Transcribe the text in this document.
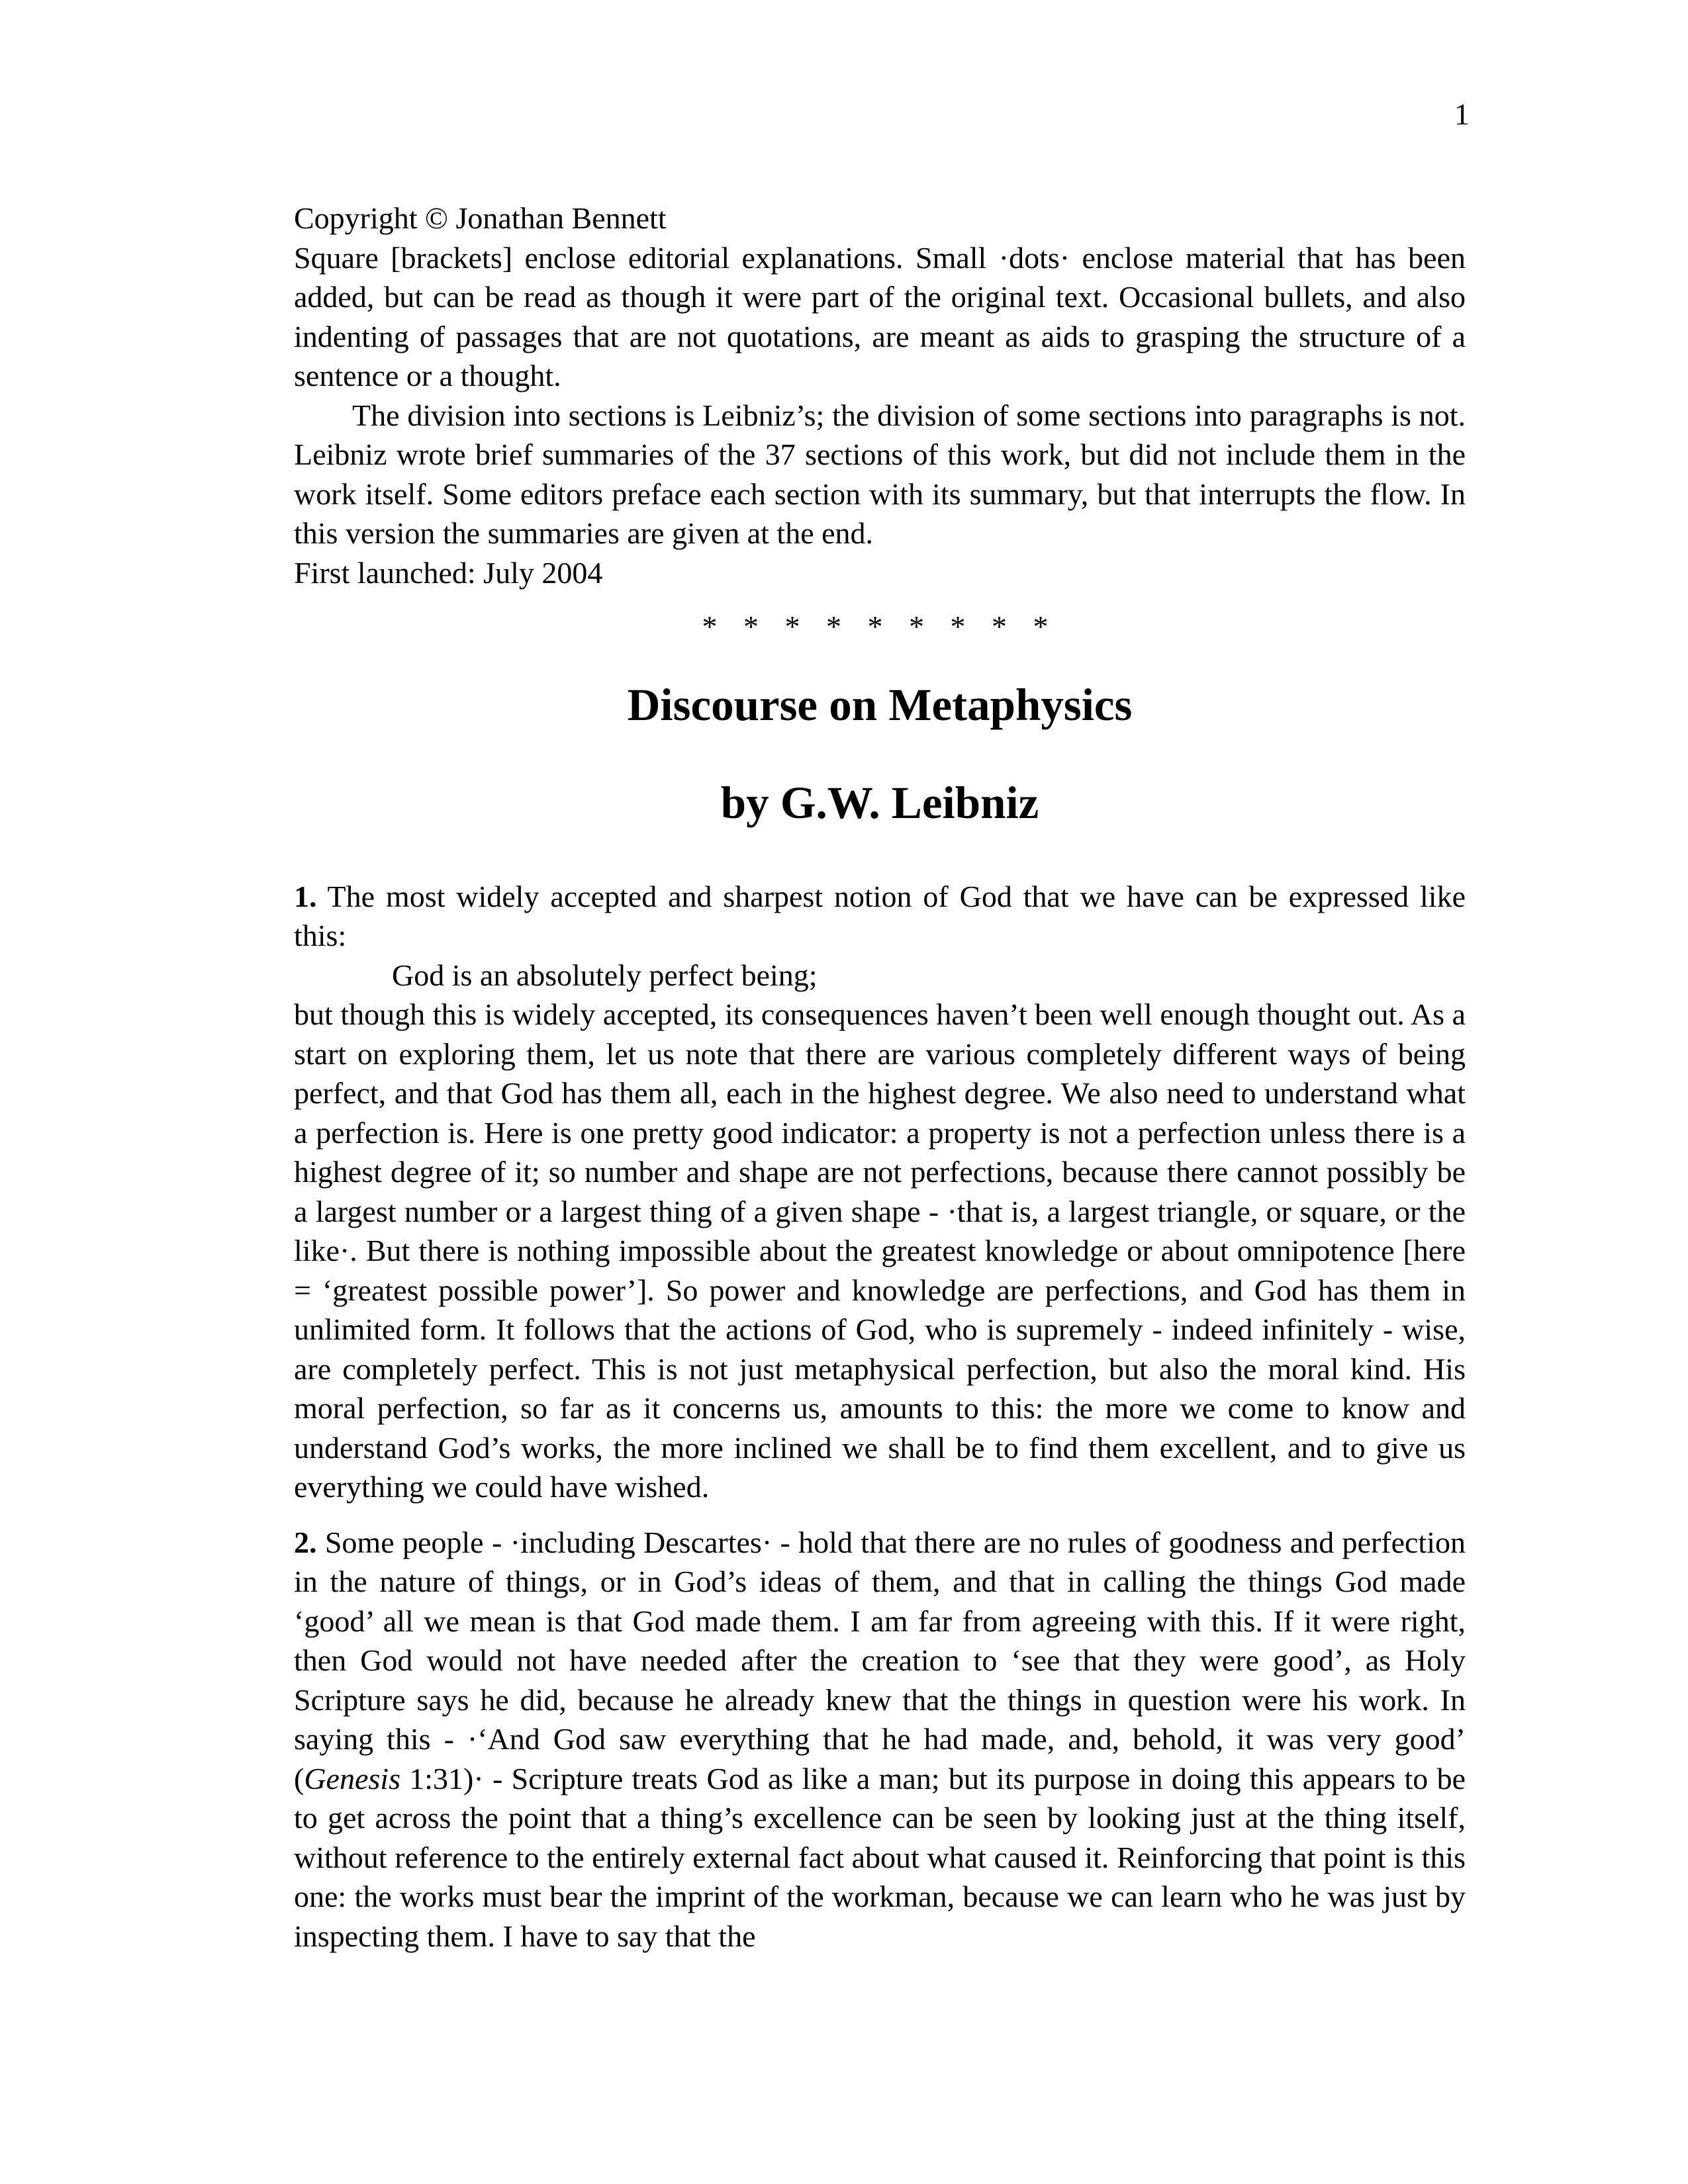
1

Copyright © Jonathan Bennett

Square [brackets] enclose editorial explanations. Small ·dots· enclose material that has been added, but can be read as though it were part of the original text. Occasional bullets, and also indenting of passages that are not quotations, are meant as aids to grasping the structure of a sentence or a thought.

The division into sections is Leibniz’s; the division of some sections into paragraphs is not. Leibniz wrote brief summaries of the 37 sections of this work, but did not include them in the work itself. Some editors preface each section with its summary, but that interrupts the flow. In this version the summaries are given at the end.

First launched: July 2004

* * * * * * * * *
Discourse on Metaphysics
by G.W. Leibniz

1. The most widely accepted and sharpest notion of God that we have can be expressed like this:

God is an absolutely perfect being;

but though this is widely accepted, its consequences haven’t been well enough thought out. As a start on exploring them, let us note that there are various completely different ways of being perfect, and that God has them all, each in the highest degree. We also need to understand what a perfection is. Here is one pretty good indicator: a property is not a perfection unless there is a highest degree of it; so number and shape are not perfections, because there cannot possibly be a largest number or a largest thing of a given shape - ·that is, a largest triangle, or square, or the like·. But there is nothing impossible about the greatest knowledge or about omnipotence [here = ‘greatest possible power’]. So power and knowledge are perfections, and God has them in unlimited form. It follows that the actions of God, who is supremely - indeed infinitely - wise, are completely perfect. This is not just metaphysical perfection, but also the moral kind. His moral perfection, so far as it concerns us, amounts to this: the more we come to know and understand God’s works, the more inclined we shall be to find them excellent, and to give us everything we could have wished.

2. Some people - ·including Descartes· - hold that there are no rules of goodness and perfection in the nature of things, or in God’s ideas of them, and that in calling the things God made ‘good’ all we mean is that God made them. I am far from agreeing with this. If it were right, then God would not have needed after the creation to ‘see that they were good’, as Holy Scripture says he did, because he already knew that the things in question were his work. In saying this - ·‘And God saw everything that he had made, and, behold, it was very good’ (Genesis 1:31)· - Scripture treats God as like a man; but its purpose in doing this appears to be to get across the point that a thing’s excellence can be seen by looking just at the thing itself, without reference to the entirely external fact about what caused it. Reinforcing that point is this one: the works must bear the imprint of the workman, because we can learn who he was just by inspecting them. I have to say that the
